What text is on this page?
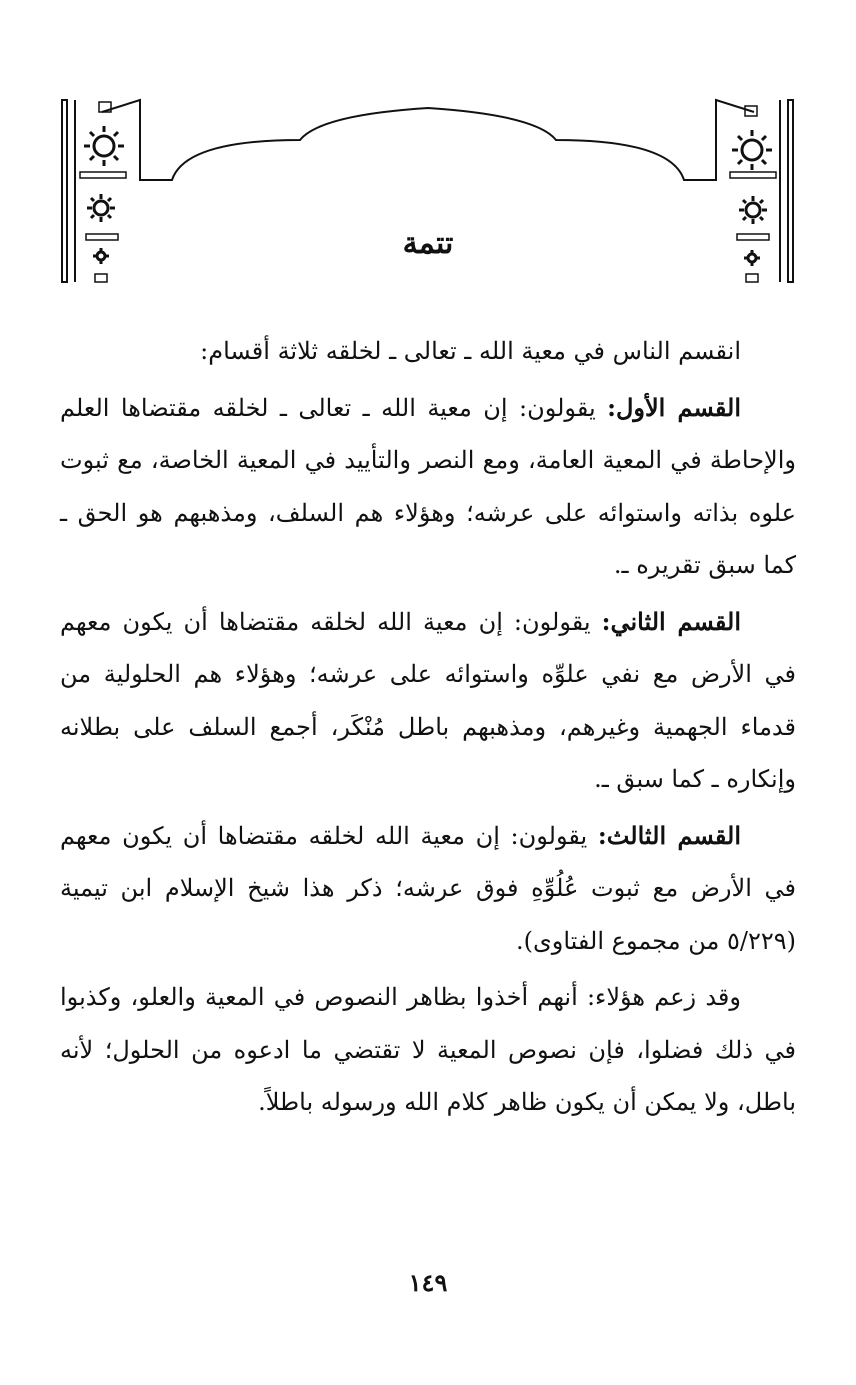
تتمة

انقسم الناس في معية الله ـ تعالى ـ لخلقه ثلاثة أقسام:

القسم الأول: يقولون: إن معية الله ـ تعالى ـ لخلقه مقتضاها العلم والإحاطة في المعية العامة، ومع النصر والتأييد في المعية الخاصة، مع ثبوت علوه بذاته واستوائه على عرشه؛ وهؤلاء هم السلف، ومذهبهم هو الحق ـ كما سبق تقريره ـ.

القسم الثاني: يقولون: إن معية الله لخلقه مقتضاها أن يكون معهم في الأرض مع نفي علوِّه واستوائه على عرشه؛ وهؤلاء هم الحلولية من قدماء الجهمية وغيرهم، ومذهبهم باطل مُنْكَر، أجمع السلف على بطلانه وإنكاره ـ كما سبق ـ.

القسم الثالث: يقولون: إن معية الله لخلقه مقتضاها أن يكون معهم في الأرض مع ثبوت عُلُوِّهِ فوق عرشه؛ ذكر هذا شيخ الإسلام ابن تيمية (٥/٢٢٩ من مجموع الفتاوى).

وقد زعم هؤلاء: أنهم أخذوا بظاهر النصوص في المعية والعلو، وكذبوا في ذلك فضلوا، فإن نصوص المعية لا تقتضي ما ادعوه من الحلول؛ لأنه باطل، ولا يمكن أن يكون ظاهر كلام الله ورسوله باطلاً.

١٤٩
